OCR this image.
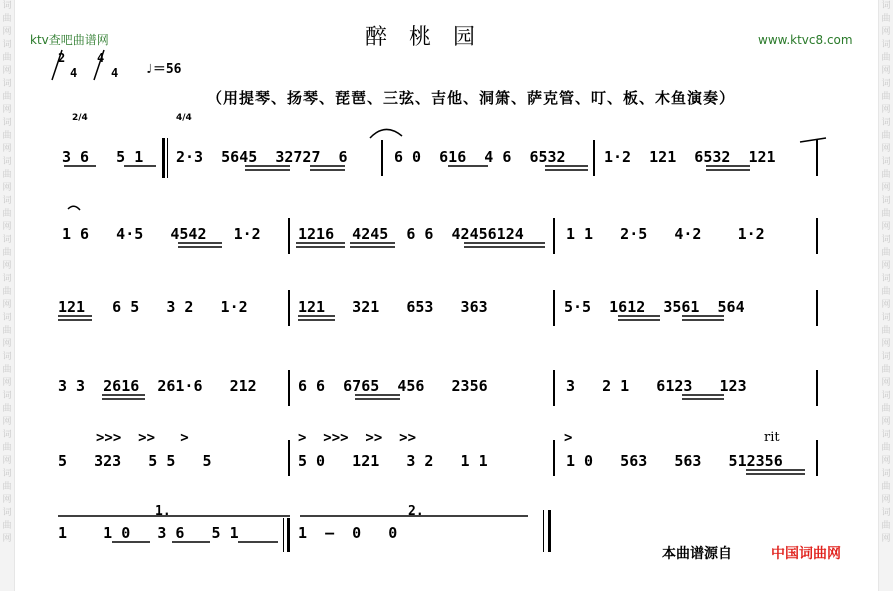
词曲网词曲网词曲网词曲网词曲网词曲网词曲网词曲网词曲网词曲网词曲网词曲网词曲网词曲网
词曲网词曲网词曲网词曲网词曲网词曲网词曲网词曲网词曲网词曲网词曲网词曲网词曲网词曲网
ktv查吧曲谱网	www.ktvc8.com
醉桃园
2
4
4
4 ♩＝56
（用提琴、扬琴、琵琶、三弦、吉他、洞箫、萨克管、叮、板、木鱼演奏）
2/4	4/4
3 6   5 1 2·3  5645  32727  6	6 0  616  4 6  6532	1·2  121  6532  121
1 6   4·5   4542   1·2 1216  4245  6 6  42456124	1 1   2·5   4·2    1·2
121   6 5   3 2   1·2	121   321   653   363	5·5  1612  3561  564
3 3  2616  261·6   212	6 6  6765  456   2356	3   2 1   6123   123
>>>  >>   >	>  >>>  >>  >>	>	rit
5   323   5 5   5	5 0   121   3 2   1 1	1 0   563   563   512356
1.	2.
1    1 0   3 6   5 1	1  —  0   0
本曲谱源自	中国词曲网
